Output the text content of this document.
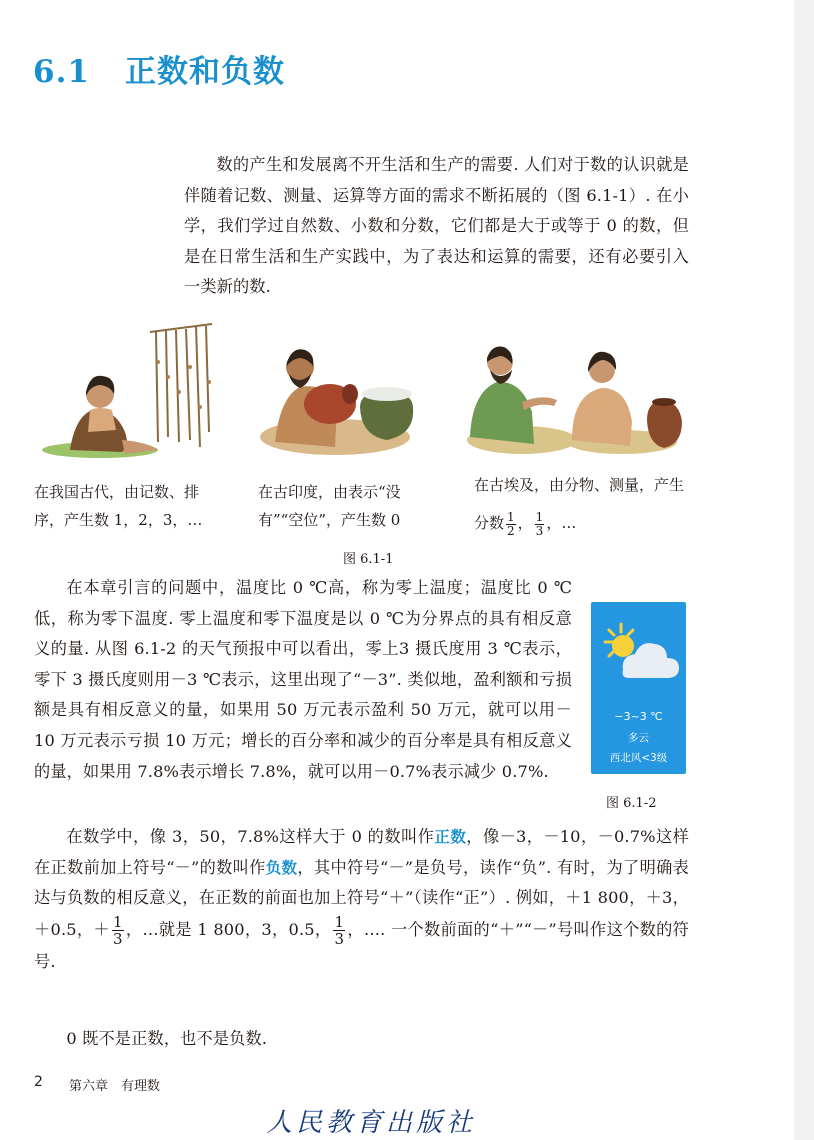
6.1 正数和负数

数的产生和发展离不开生活和生产的需要. 人们对于数的认识就是伴随着记数、测量、运算等方面的需求不断拓展的（图 6.1-1）. 在小学，我们学过自然数、小数和分数，它们都是大于或等于 0 的数，但是在日常生活和生产实践中，为了表达和运算的需要，还有必要引入一类新的数.

在我国古代，由记数、排序，产生数 1，2，3，…
在古印度，由表示“没有”“空位”，产生数 0
在古埃及，由分物、测量，产生分数 $\frac{1}{2}$ ， $\frac{1}{3}$ ，…
图 6.1-1
在本章引言的问题中，温度比 0 ℃高，称为零上温度；温度比 0 ℃低，称为零下温度. 零上温度和零下温度是以 0 ℃为分界点的具有相反意义的量. 从图 6.1-2 的天气预报中可以看出，零上3 摄氏度用 3 ℃表示，零下 3 摄氏度则用－3 ℃表示，这里出现了“－3”. 类似地，盈利额和亏损额是具有相反意义的量，如果用 50 万元表示盈利 50 万元，就可以用－10 万元表示亏损 10 万元；增长的百分率和减少的百分率是具有相反意义的量，如果用 7.8%表示增长 7.8%，就可以用－0.7%表示减少 0.7%.
−3~3 ℃
多云
西北风<3级
图 6.1-2
在数学中，像 3，50，7.8%这样大于 0 的数叫作正数，像－3，－10，－0.7%这样在正数前加上符号“－”的数叫作负数，其中符号“－”是负号，读作“负”. 有时，为了明确表达与负数的相反意义，在正数的前面也加上符号“＋”（读作“正”）. 例如，＋1 800，＋3，＋0.5，＋ $\frac{1}{3}$ ，…就是 1 800，3，0.5， $\frac{1}{3}$ ，…. 一个数前面的“＋”“－”号叫作这个数的符号.
0 既不是正数，也不是负数.
2 第六章　有理数
人民教育出版社
